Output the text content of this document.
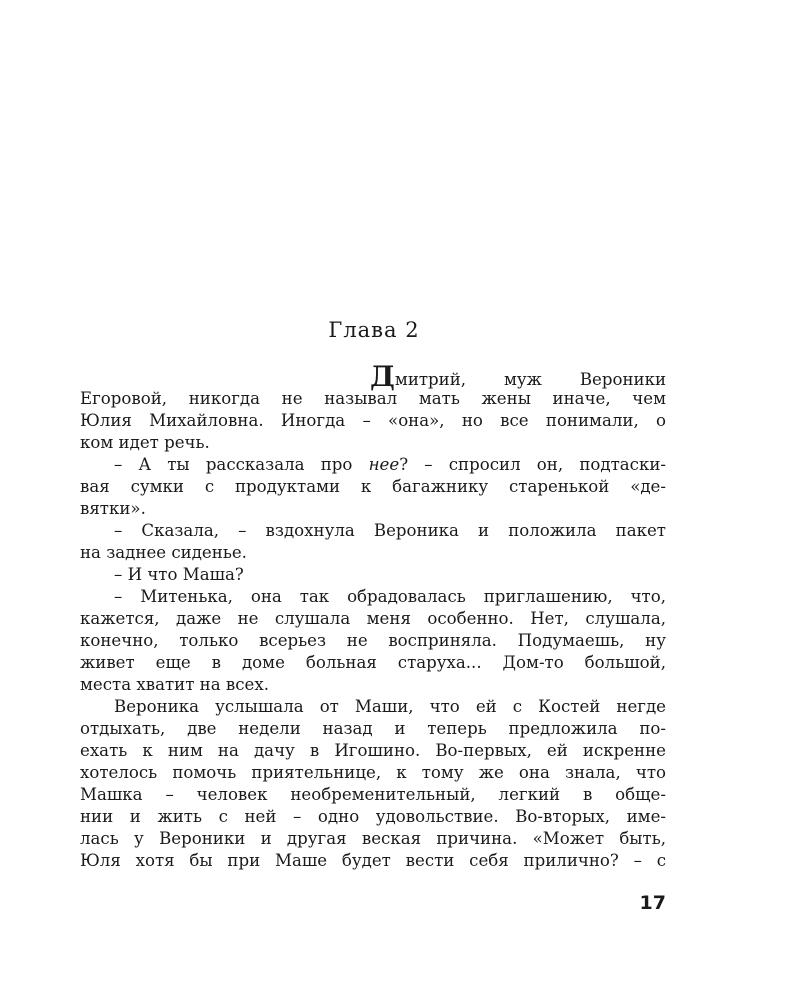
Глава 2
Дмитрий, муж Вероники
Егоровой, никогда не называл мать жены иначе, чем
Юлия Михайловна. Иногда – «она», но все понимали, о
ком идет речь.
– А ты рассказала про нее? – спросил он, подтаски-
вая сумки с продуктами к багажнику старенькой «де-
вятки».
– Сказала, – вздохнула Вероника и положила пакет
на заднее сиденье.
– И что Маша?
– Митенька, она так обрадовалась приглашению, что,
кажется, даже не слушала меня особенно. Нет, слушала,
конечно, только всерьез не восприняла. Подумаешь, ну
живет еще в доме больная старуха... Дом-то большой,
места хватит на всех.
Вероника услышала от Маши, что ей с Костей негде
отдыхать, две недели назад и теперь предложила по-
ехать к ним на дачу в Игошино. Во-первых, ей искренне
хотелось помочь приятельнице, к тому же она знала, что
Машка – человек необременительный, легкий в общe-
нии и жить с ней – одно удовольствие. Во-вторых, име-
лась у Вероники и другая веская причина. «Может быть,
Юля хотя бы при Маше будет вести себя прилично? – с
17
